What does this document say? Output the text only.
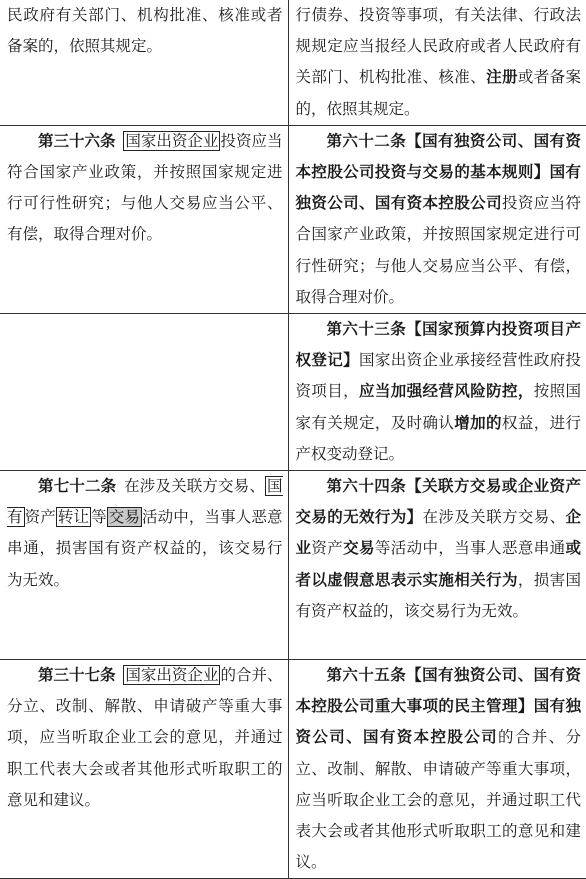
民政府有关部门、机构批准、核准或者备案的，依照其规定。	行债券、投资等事项，有关法律、行政法规规定应当报经人民政府或者人民政府有关部门、机构批准、核准、注册或者备案的，依照其规定。

第三十六条  国家出资企业 投资应当符合国家产业政策，并按照国家规定进行可行性研究；与他人交易应当公平、有偿，取得合理对价。	第六十二条【国有独资公司、国有资本控股公司投资与交易的基本规则】国有独资公司、国有资本控股公司投资应当符合国家产业政策，并按照国家规定进行可行性研究；与他人交易应当公平、有偿，取得合理对价。

	第六十三条【国家预算内投资项目产权登记】国家出资企业承接经营性政府投资项目，应当加强经营风险防控，按照国家有关规定，及时确认增加的权益，进行产权变动登记。

第七十二条  在涉及关联方交易、 国有 资产 转让 等 交易 活动中，当事人恶意串通，损害国有资产权益的，该交易行为无效。	第六十四条【关联方交易或企业资产交易的无效行为】在涉及关联方交易、企业资产交易等活动中，当事人恶意串通或者以虚假意思表示实施相关行为，损害国有资产权益的，该交易行为无效。

第三十七条  国家出资企业 的合并、分立、改制、解散、申请破产等重大事项，应当听取企业工会的意见，并通过职工代表大会或者其他形式听取职工的意见和建议。	第六十五条【国有独资公司、国有资本控股公司重大事项的民主管理】国有独资公司、国有资本控股公司的合并、分立、改制、解散、申请破产等重大事项，应当听取企业工会的意见，并通过职工代表大会或者其他形式听取职工的意见和建议。
